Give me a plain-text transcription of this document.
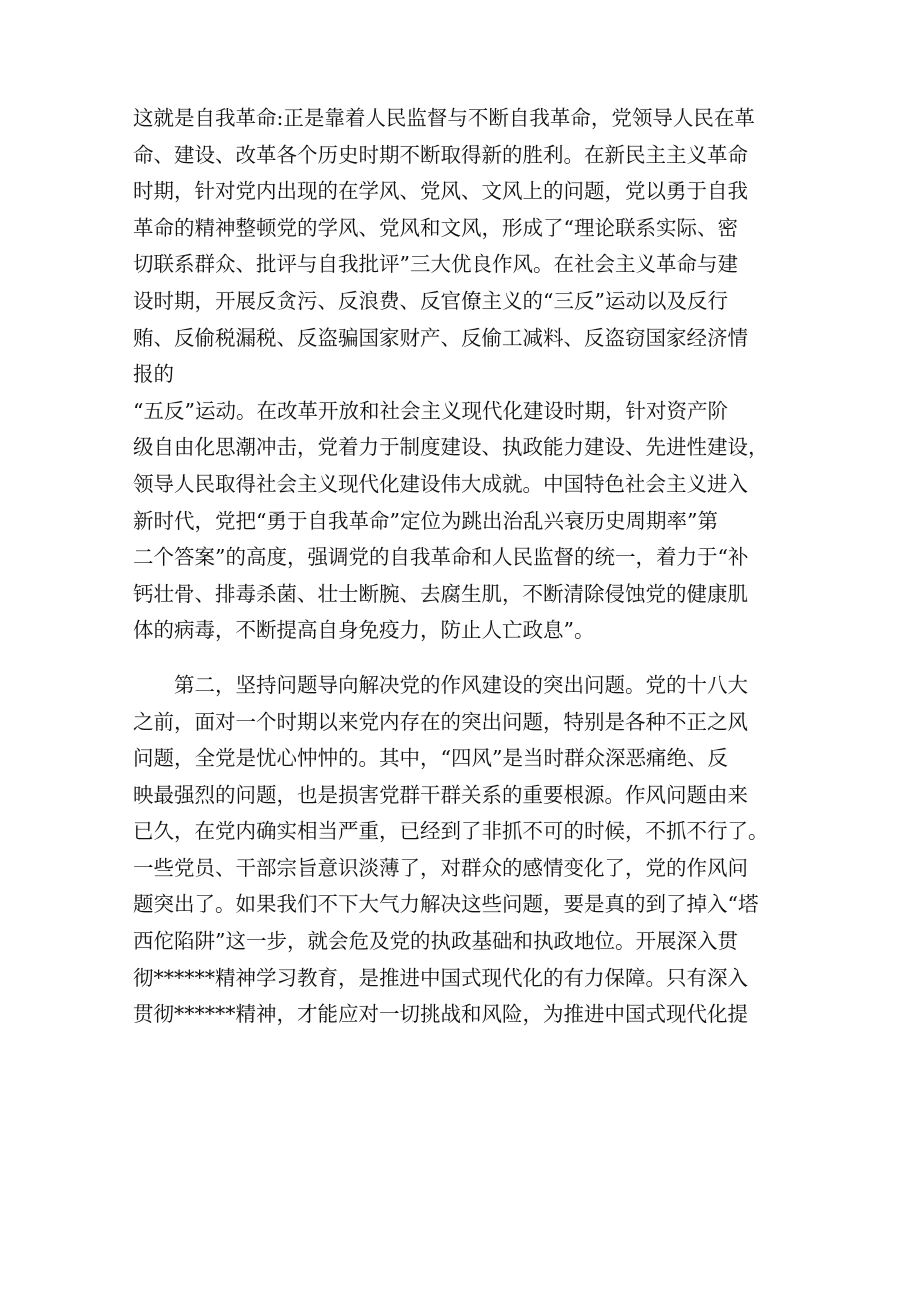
这就是自我革命:正是靠着人民监督与不断自我革命，党领导人民在革
命、建设、改革各个历史时期不断取得新的胜利。在新民主主义革命
时期，针对党内出现的在学风、党风、文风上的问题，党以勇于自我
革命的精神整顿党的学风、党风和文风，形成了“理论联系实际、密
切联系群众、批评与自我批评”三大优良作风。在社会主义革命与建
设时期，开展反贪污、反浪费、反官僚主义的“三反”运动以及反行
贿、反偷税漏税、反盗骗国家财产、反偷工减料、反盗窃国家经济情
报的
“五反”运动。在改革开放和社会主义现代化建设时期，针对资产阶
级自由化思潮冲击，党着力于制度建设、执政能力建设、先进性建设，
领导人民取得社会主义现代化建设伟大成就。中国特色社会主义进入
新时代，党把“勇于自我革命”定位为跳出治乱兴衰历史周期率”第
二个答案”的高度，强调党的自我革命和人民监督的统一，着力于“补
钙壮骨、排毒杀菌、壮士断腕、去腐生肌，不断清除侵蚀党的健康肌
体的病毒，不断提高自身免疫力，防止人亡政息”。
　　第二，坚持问题导向解决党的作风建设的突出问题。党的十八大
之前，面对一个时期以来党内存在的突出问题，特别是各种不正之风
问题，全党是忧心忡忡的。其中，“四风”是当时群众深恶痛绝、反
映最强烈的问题，也是损害党群干群关系的重要根源。作风问题由来
已久，在党内确实相当严重，已经到了非抓不可的时候，不抓不行了。
一些党员、干部宗旨意识淡薄了，对群众的感情变化了，党的作风问
题突出了。如果我们不下大气力解决这些问题，要是真的到了掉入“塔
西佗陷阱”这一步，就会危及党的执政基础和执政地位。开展深入贯
彻******精神学习教育，是推进中国式现代化的有力保障。只有深入
贯彻******精神，才能应对一切挑战和风险，为推进中国式现代化提
